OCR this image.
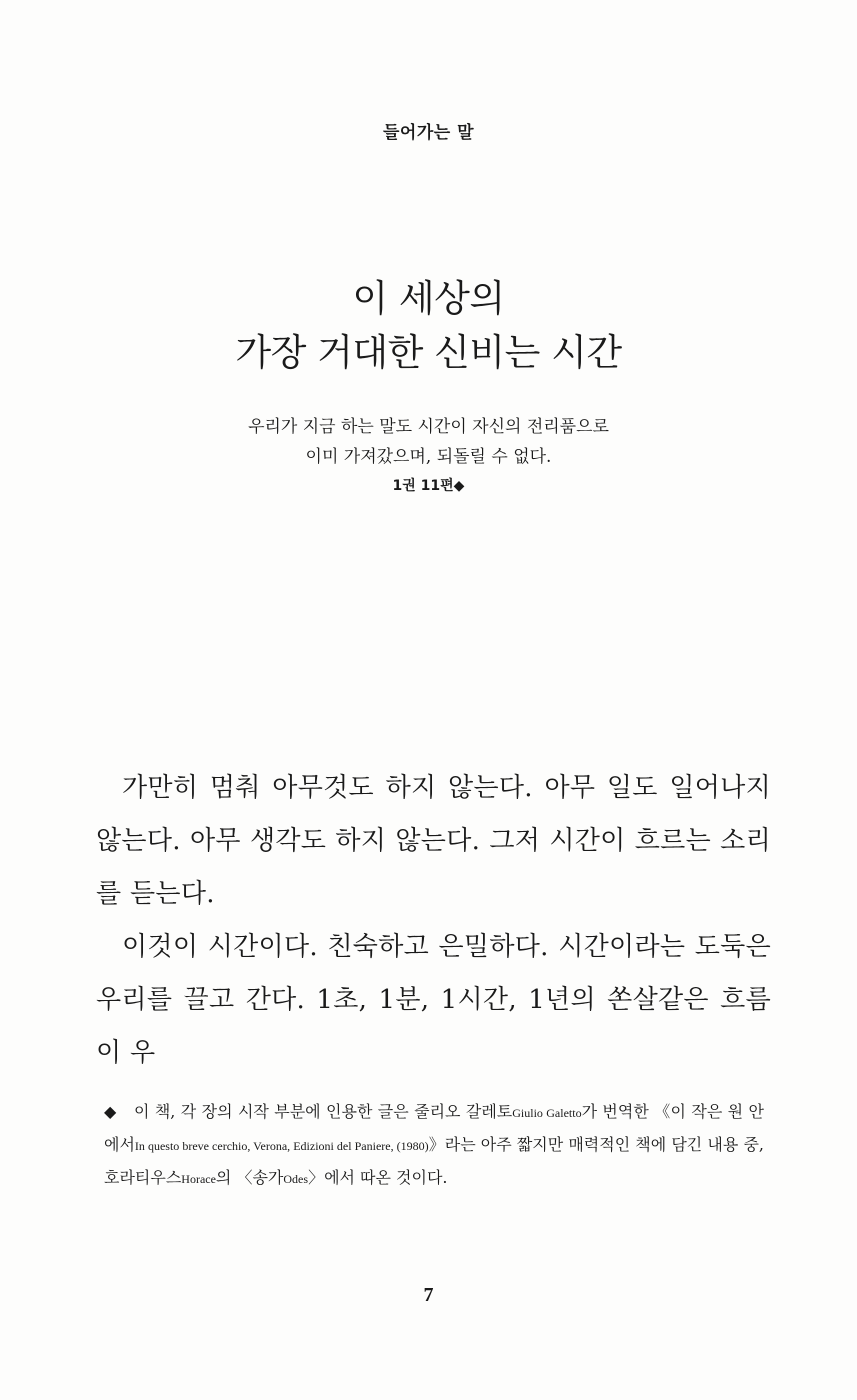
들어가는 말
이 세상의
가장 거대한 신비는 시간
우리가 지금 하는 말도 시간이 자신의 전리품으로
이미 가져갔으며, 되돌릴 수 없다.
1권 11편◆

가만히 멈춰 아무것도 하지 않는다. 아무 일도 일어나지 않는다. 아무 생각도 하지 않는다. 그저 시간이 흐르는 소리를 듣는다.

이것이 시간이다. 친숙하고 은밀하다. 시간이라는 도둑은 우리를 끌고 간다. 1초, 1분, 1시간, 1년의 쏜살같은 흐름이 우

◆ 이 책, 각 장의 시작 부분에 인용한 글은 줄리오 갈레토Giulio Galetto가 번역한 《이 작은 원 안에서In questo breve cerchio, Verona, Edizioni del Paniere, (1980)》라는 아주 짧지만 매력적인 책에 담긴 내용 중, 호라티우스Horace의 〈송가Odes〉에서 따온 것이다.
7
